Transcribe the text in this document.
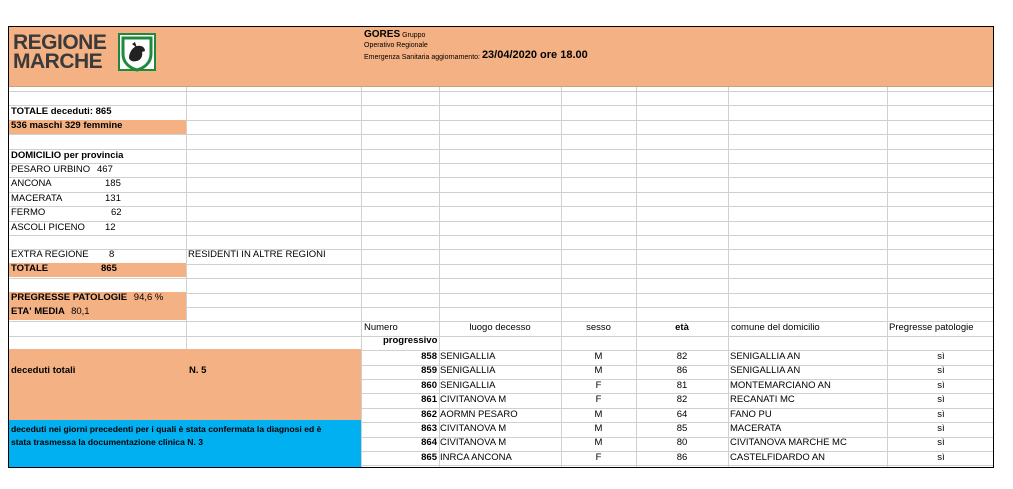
REGIONE
MARCHE
GORES Gruppo
Operativo Regionale
Emergenza Sanitaria aggiornamento: 23/04/2020 ore 18.00
TOTALE deceduti: 865
536 maschi 329 femmine
DOMICILIO per provincia
PESARO URBINO 467
ANCONA	185
MACERATA	131
FERMO	62
ASCOLI PICENO 12
EXTRA REGIONE 8	RESIDENTI IN ALTRE REGIONI
TOTALE	865
PREGRESSE PATOLOGIE 94,6 %
ETA' MEDIA 80,1
deceduti totali	N. 5
deceduti nei giorni precedenti per i quali è stata confermata la diagnosi ed è
stata trasmessa la documentazione clinica N. 3
Numero
progressivo
luogo decesso	sesso	età	comune del domicilio	Pregresse patologie
858 SENIGALLIA	M	82	SENIGALLIA AN	sì
859 SENIGALLIA	M	86	SENIGALLIA AN	sì
860 SENIGALLIA	F	81	MONTEMARCIANO AN	sì
861 CIVITANOVA M	F	82	RECANATI MC	sì
862 AORMN PESARO	M	64	FANO PU	sì
863 CIVITANOVA M	M	85	MACERATA	sì
864 CIVITANOVA M	M	80	CIVITANOVA MARCHE MC	sì
865 INRCA ANCONA	F	86	CASTELFIDARDO AN	sì
